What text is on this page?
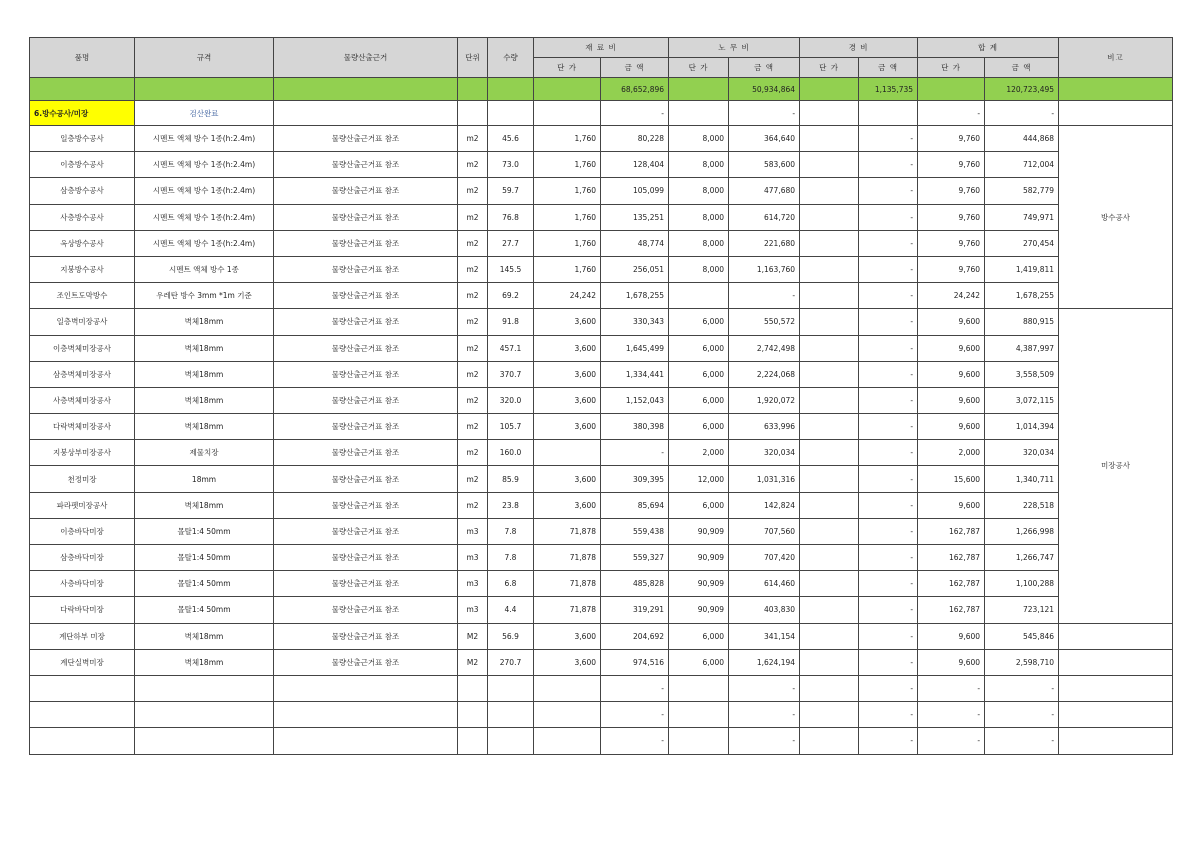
품명	규격	물량산출근거	단위	수량	재 료 비		노 무 비		경 비		합 계		비고
					단 가	금 액	단 가	금 액	단 가	금 액	단 가	금 액	
						68,652,896		50,934,864		1,135,735		120,723,495	
6.방수공사/미장	검산완료					-		-			-	-	
일층방수공사	시멘트 액체 방수 1종(h:2.4m)	물량산출근거표 참조	m2	45.6	1,760	80,228	8,000	364,640		-	9,760	444,868	방수공사
이층방수공사	시멘트 액체 방수 1종(h:2.4m)	물량산출근거표 참조	m2	73.0	1,760	128,404	8,000	583,600		-	9,760	712,004	
삼층방수공사	시멘트 액체 방수 1종(h:2.4m)	물량산출근거표 참조	m2	59.7	1,760	105,099	8,000	477,680		-	9,760	582,779	
사층방수공사	시멘트 액체 방수 1종(h:2.4m)	물량산출근거표 참조	m2	76.8	1,760	135,251	8,000	614,720		-	9,760	749,971	
옥상방수공사	시멘트 액체 방수 1종(h:2.4m)	물량산출근거표 참조	m2	27.7	1,760	48,774	8,000	221,680		-	9,760	270,454	
지붕방수공사	시멘트 액체 방수 1종	물량산출근거표 참조	m2	145.5	1,760	256,051	8,000	1,163,760		-	9,760	1,419,811	
조인트도막방수	우레탄 방수 3mm *1m 기준	물량산출근거표 참조	m2	69.2	24,242	1,678,255		-		-	24,242	1,678,255	
일층벽미장공사	벽체18mm	물량산출근거표 참조	m2	91.8	3,600	330,343	6,000	550,572		-	9,600	880,915	미장공사
이층벽체미장공사	벽체18mm	물량산출근거표 참조	m2	457.1	3,600	1,645,499	6,000	2,742,498		-	9,600	4,387,997	
삼층벽체미장공사	벽체18mm	물량산출근거표 참조	m2	370.7	3,600	1,334,441	6,000	2,224,068		-	9,600	3,558,509	
사층벽체미장공사	벽체18mm	물량산출근거표 참조	m2	320.0	3,600	1,152,043	6,000	1,920,072		-	9,600	3,072,115	
다락벽체미장공사	벽체18mm	물량산출근거표 참조	m2	105.7	3,600	380,398	6,000	633,996		-	9,600	1,014,394	
지붕상부미장공사	제물치장	물량산출근거표 참조	m2	160.0		-	2,000	320,034		-	2,000	320,034	
천정미장	18mm	물량산출근거표 참조	m2	85.9	3,600	309,395	12,000	1,031,316		-	15,600	1,340,711	
파라펫미장공사	벽체18mm	물량산출근거표 참조	m2	23.8	3,600	85,694	6,000	142,824		-	9,600	228,518	
이층바닥미장	몰탈1:4 50mm	물량산출근거표 참조	m3	7.8	71,878	559,438	90,909	707,560		-	162,787	1,266,998	
삼층바닥미장	몰탈1:4 50mm	물량산출근거표 참조	m3	7.8	71,878	559,327	90,909	707,420		-	162,787	1,266,747	
사층바닥미장	몰탈1:4 50mm	물량산출근거표 참조	m3	6.8	71,878	485,828	90,909	614,460		-	162,787	1,100,288	
다락바닥미장	몰탈1:4 50mm	물량산출근거표 참조	m3	4.4	71,878	319,291	90,909	403,830		-	162,787	723,121	
계단하부 미장	벽체18mm	물량산출근거표 참조	M2	56.9	3,600	204,692	6,000	341,154		-	9,600	545,846	
계단실벽미장	벽체18mm	물량산출근거표 참조	M2	270.7	3,600	974,516	6,000	1,624,194		-	9,600	2,598,710	
						-		-		-	-	-	
						-		-		-	-	-	
						-		-		-	-	-	
